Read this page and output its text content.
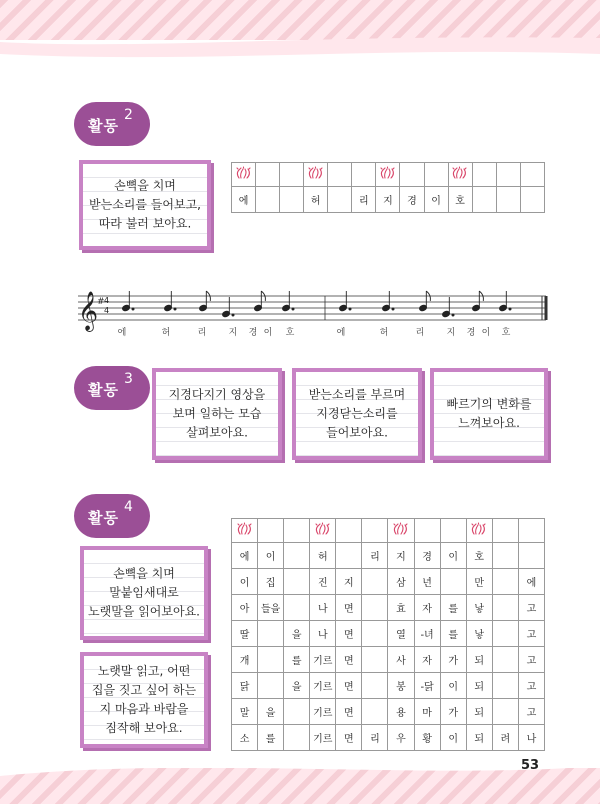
활동
2
손뼉을 치며
받는소리를 들어보고,
따라 불러 보아요.

에			허		리	지	경	이	호			
𝄞
# 4
4
에	허	리	지	경 이	호	에	허	리	지	경 이	호
활동
3
지경다지기 영상을
보며 일하는 모습
살펴보아요.
받는소리를 부르며
지경닫는소리를
들어보아요.
빠르기의 변화를
느껴보아요.
활동
4
손뼉을 치며
말붙임새대로
노랫말을 읽어보아요.
노랫말 읽고, 어떤
집을 짓고 싶어 하는
지 마음과 바람을
짐작해 보아요.

에	이		허		리	지	경	이	호		
이	집		진	지		삼	년		만		에
아	들을		나	면		효	자	를	낳		고
딸		을	나	면		열	-녀	를	낳		고
개		를	기르	면		사	자	가	되		고
닭		을	기르	면		봉	-닭	이	되		고
말	을		기르	면		용	마	가	되		고
소	를		기르	면	리	우	황	이	되	려	나
53
